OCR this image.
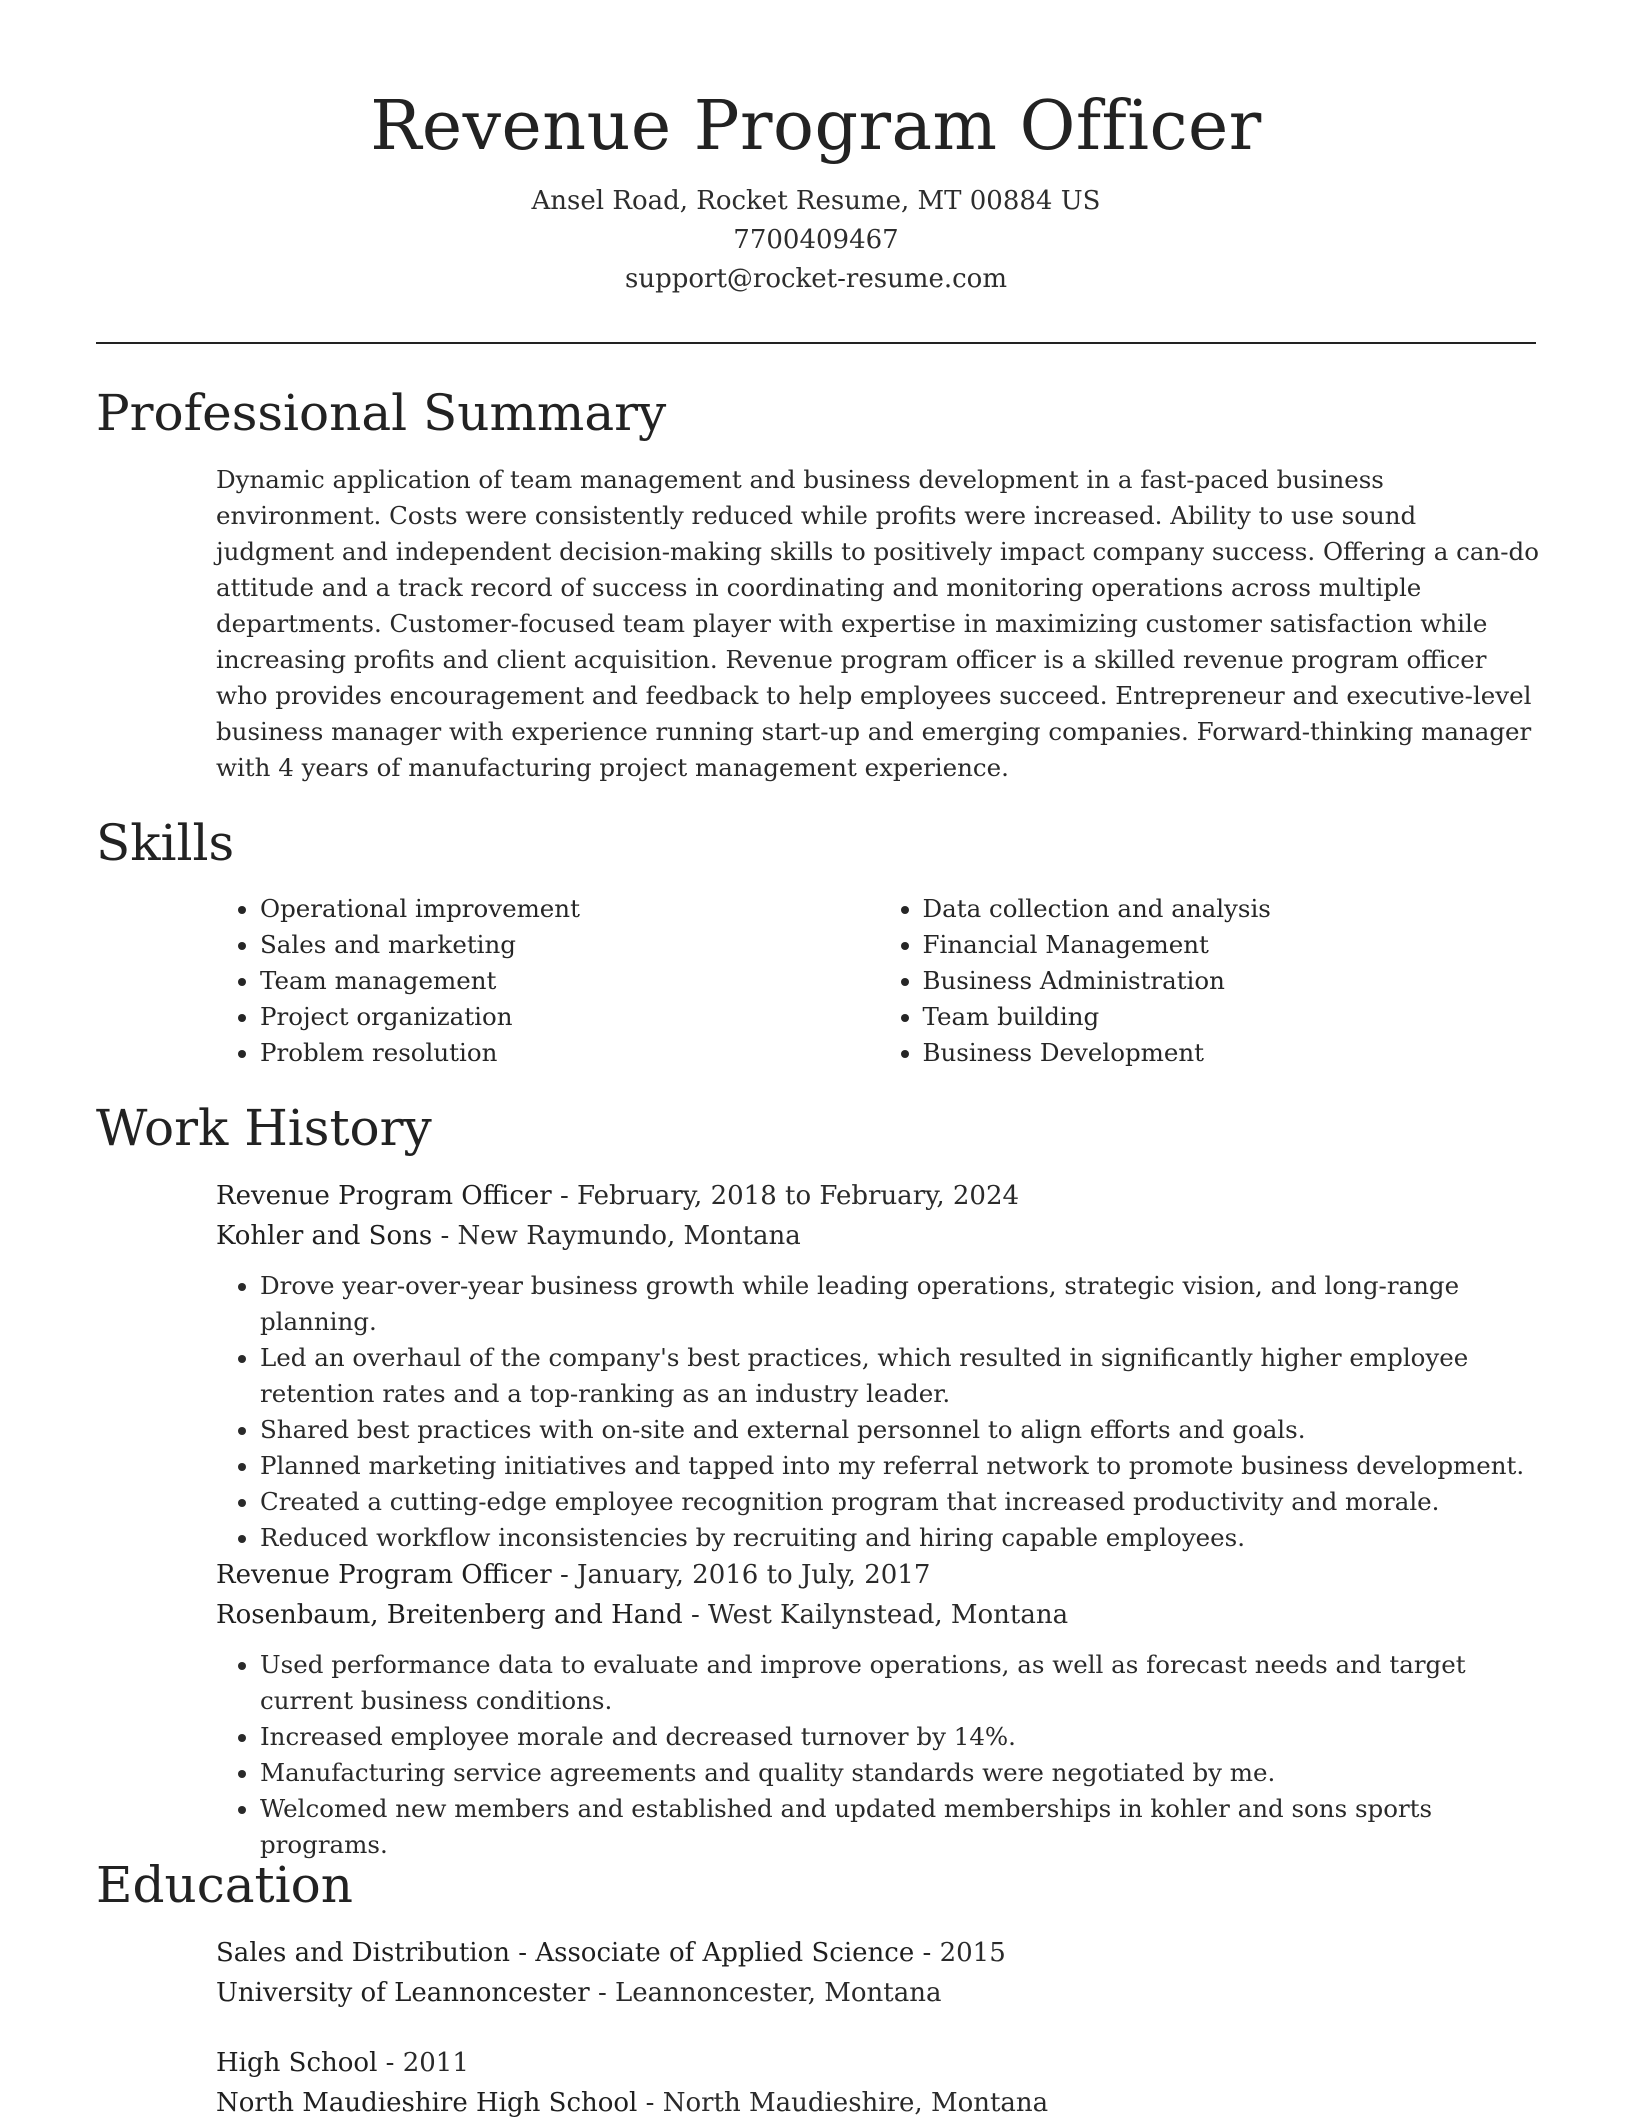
Revenue Program Officer
Ansel Road, Rocket Resume, MT 00884 US
7700409467
support@rocket-resume.com
Professional Summary

Dynamic application of team management and business development in a fast-paced business environment. Costs were consistently reduced while profits were increased. Ability to use sound judgment and independent decision-making skills to positively impact company success. Offering a can-do attitude and a track record of success in coordinating and monitoring operations across multiple departments. Customer-focused team player with expertise in maximizing customer satisfaction while increasing profits and client acquisition. Revenue program officer is a skilled revenue program officer who provides encouragement and feedback to help employees succeed. Entrepreneur and executive-level business manager with experience running start-up and emerging companies. Forward-thinking manager with 4 years of manufacturing project management experience.

Skills
• Operational improvement
• Sales and marketing
• Team management
• Project organization
• Problem resolution
• Data collection and analysis
• Financial Management
• Business Administration
• Team building
• Business Development
Work History
Revenue Program Officer - February, 2018 to February, 2024
Kohler and Sons - New Raymundo, Montana
• Drove year-over-year business growth while leading operations, strategic vision, and long-range planning.
• Led an overhaul of the company's best practices, which resulted in significantly higher employee retention rates and a top-ranking as an industry leader.
• Shared best practices with on-site and external personnel to align efforts and goals.
• Planned marketing initiatives and tapped into my referral network to promote business development.
• Created a cutting-edge employee recognition program that increased productivity and morale.
• Reduced workflow inconsistencies by recruiting and hiring capable employees.
Revenue Program Officer - January, 2016 to July, 2017
Rosenbaum, Breitenberg and Hand - West Kailynstead, Montana
• Used performance data to evaluate and improve operations, as well as forecast needs and target current business conditions.
• Increased employee morale and decreased turnover by 14%.
• Manufacturing service agreements and quality standards were negotiated by me.
• Welcomed new members and established and updated memberships in kohler and sons sports programs.
Education
Sales and Distribution - Associate of Applied Science - 2015
University of Leannoncester - Leannoncester, Montana
High School - 2011
North Maudieshire High School - North Maudieshire, Montana
